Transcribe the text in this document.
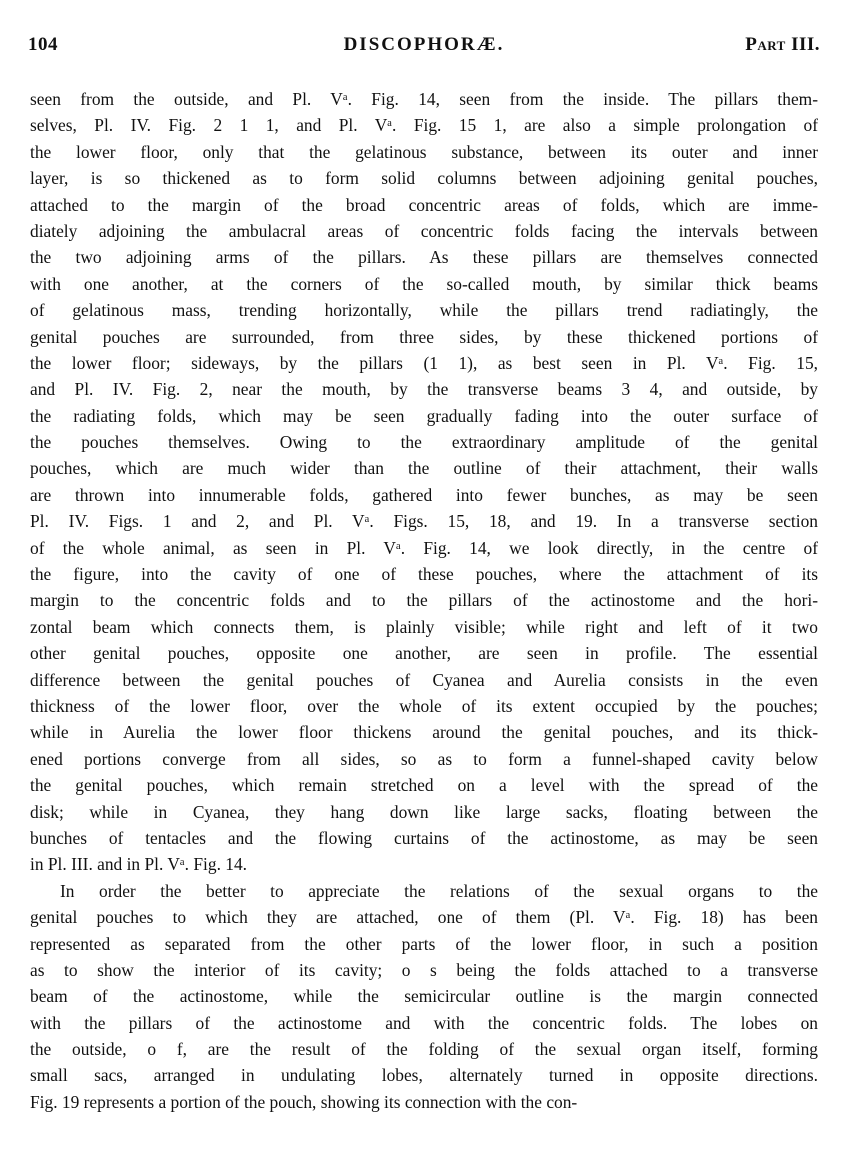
104	DISCOPHORÆ.	Part III.
seen from the outside, and Pl. Vᵃ. Fig. 14, seen from the inside. The pillars them-
selves, Pl. IV. Fig. 2 1 1, and Pl. Vᵃ. Fig. 15 1, are also a simple prolongation of
the lower floor, only that the gelatinous substance, between its outer and inner
layer, is so thickened as to form solid columns between adjoining genital pouches,
attached to the margin of the broad concentric areas of folds, which are imme-
diately adjoining the ambulacral areas of concentric folds facing the intervals between
the two adjoining arms of the pillars. As these pillars are themselves connected
with one another, at the corners of the so-called mouth, by similar thick beams
of gelatinous mass, trending horizontally, while the pillars trend radiatingly, the
genital pouches are surrounded, from three sides, by these thickened portions of
the lower floor; sideways, by the pillars (1 1), as best seen in Pl. Vᵃ. Fig. 15,
and Pl. IV. Fig. 2, near the mouth, by the transverse beams 3 4, and outside, by
the radiating folds, which may be seen gradually fading into the outer surface of
the pouches themselves. Owing to the extraordinary amplitude of the genital
pouches, which are much wider than the outline of their attachment, their walls
are thrown into innumerable folds, gathered into fewer bunches, as may be seen
Pl. IV. Figs. 1 and 2, and Pl. Vᵃ. Figs. 15, 18, and 19. In a transverse section
of the whole animal, as seen in Pl. Vᵃ. Fig. 14, we look directly, in the centre of
the figure, into the cavity of one of these pouches, where the attachment of its
margin to the concentric folds and to the pillars of the actinostome and the hori-
zontal beam which connects them, is plainly visible; while right and left of it two
other genital pouches, opposite one another, are seen in profile. The essential
difference between the genital pouches of Cyanea and Aurelia consists in the even
thickness of the lower floor, over the whole of its extent occupied by the pouches;
while in Aurelia the lower floor thickens around the genital pouches, and its thick-
ened portions converge from all sides, so as to form a funnel-shaped cavity below
the genital pouches, which remain stretched on a level with the spread of the
disk; while in Cyanea, they hang down like large sacks, floating between the
bunches of tentacles and the flowing curtains of the actinostome, as may be seen
in Pl. III. and in Pl. Vᵃ. Fig. 14.
In order the better to appreciate the relations of the sexual organs to the
genital pouches to which they are attached, one of them (Pl. Vᵃ. Fig. 18) has been
represented as separated from the other parts of the lower floor, in such a position
as to show the interior of its cavity; o s being the folds attached to a transverse
beam of the actinostome, while the semicircular outline is the margin connected
with the pillars of the actinostome and with the concentric folds. The lobes on
the outside, o f, are the result of the folding of the sexual organ itself, forming
small sacs, arranged in undulating lobes, alternately turned in opposite directions.
Fig. 19 represents a portion of the pouch, showing its connection with the con-
